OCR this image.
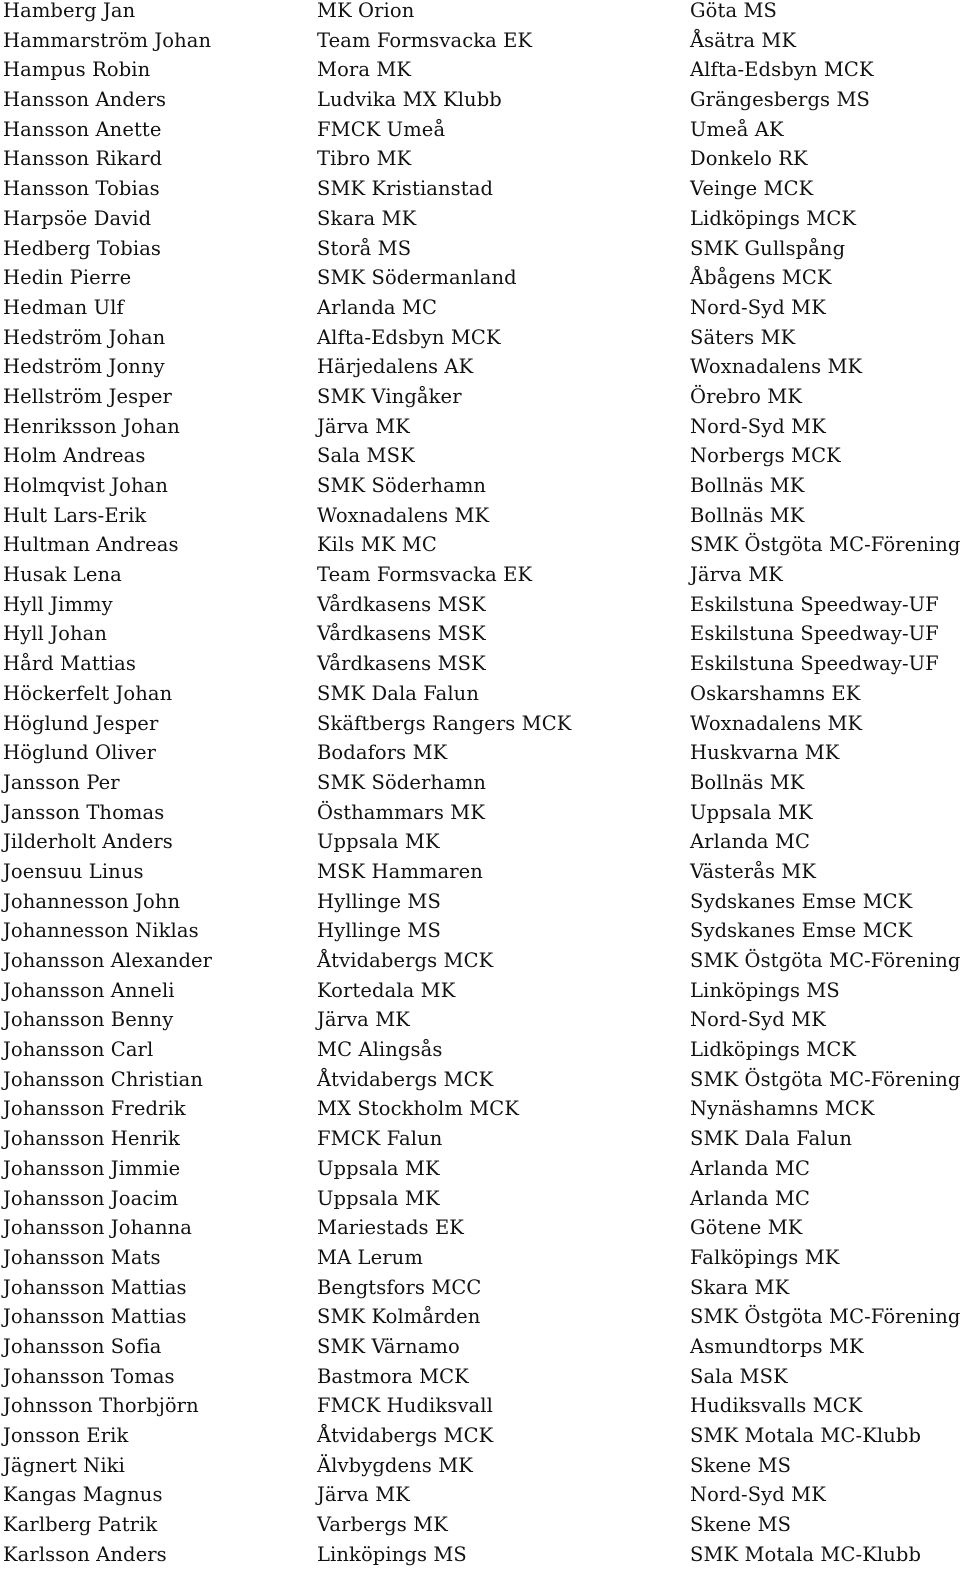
Hamberg Jan	MK Orion	Göta MS
Hammarström Johan	Team Formsvacka EK	Åsätra MK
Hampus Robin	Mora MK	Alfta-Edsbyn MCK
Hansson Anders	Ludvika MX Klubb	Grängesbergs MS
Hansson Anette	FMCK Umeå	Umeå AK
Hansson Rikard	Tibro MK	Donkelo RK
Hansson Tobias	SMK Kristianstad	Veinge MCK
Harpsöe David	Skara MK	Lidköpings MCK
Hedberg Tobias	Storå MS	SMK Gullspång
Hedin Pierre	SMK Södermanland	Åbågens MCK
Hedman Ulf	Arlanda MC	Nord-Syd MK
Hedström Johan	Alfta-Edsbyn MCK	Säters MK
Hedström Jonny	Härjedalens AK	Woxnadalens MK
Hellström Jesper	SMK Vingåker	Örebro MK
Henriksson Johan	Järva MK	Nord-Syd MK
Holm Andreas	Sala MSK	Norbergs MCK
Holmqvist Johan	SMK Söderhamn	Bollnäs MK
Hult Lars-Erik	Woxnadalens MK	Bollnäs MK
Hultman Andreas	Kils MK MC	SMK Östgöta MC-Förening
Husak Lena	Team Formsvacka EK	Järva MK
Hyll Jimmy	Vårdkasens MSK	Eskilstuna Speedway-UF
Hyll Johan	Vårdkasens MSK	Eskilstuna Speedway-UF
Hård Mattias	Vårdkasens MSK	Eskilstuna Speedway-UF
Höckerfelt Johan	SMK Dala Falun	Oskarshamns EK
Höglund Jesper	Skäftbergs Rangers MCK	Woxnadalens MK
Höglund Oliver	Bodafors MK	Huskvarna MK
Jansson Per	SMK Söderhamn	Bollnäs MK
Jansson Thomas	Östhammars MK	Uppsala MK
Jilderholt Anders	Uppsala MK	Arlanda MC
Joensuu Linus	MSK Hammaren	Västerås MK
Johannesson John	Hyllinge MS	Sydskanes Emse MCK
Johannesson Niklas	Hyllinge MS	Sydskanes Emse MCK
Johansson Alexander	Åtvidabergs MCK	SMK Östgöta MC-Förening
Johansson Anneli	Kortedala MK	Linköpings MS
Johansson Benny	Järva MK	Nord-Syd MK
Johansson Carl	MC Alingsås	Lidköpings MCK
Johansson Christian	Åtvidabergs MCK	SMK Östgöta MC-Förening
Johansson Fredrik	MX Stockholm MCK	Nynäshamns MCK
Johansson Henrik	FMCK Falun	SMK Dala Falun
Johansson Jimmie	Uppsala MK	Arlanda MC
Johansson Joacim	Uppsala MK	Arlanda MC
Johansson Johanna	Mariestads EK	Götene MK
Johansson Mats	MA Lerum	Falköpings MK
Johansson Mattias	Bengtsfors MCC	Skara MK
Johansson Mattias	SMK Kolmården	SMK Östgöta MC-Förening
Johansson Sofia	SMK Värnamo	Asmundtorps MK
Johansson Tomas	Bastmora MCK	Sala MSK
Johnsson Thorbjörn	FMCK Hudiksvall	Hudiksvalls MCK
Jonsson Erik	Åtvidabergs MCK	SMK Motala MC-Klubb
Jägnert Niki	Älvbygdens MK	Skene MS
Kangas Magnus	Järva MK	Nord-Syd MK
Karlberg Patrik	Varbergs MK	Skene MS
Karlsson Anders	Linköpings MS	SMK Motala MC-Klubb
